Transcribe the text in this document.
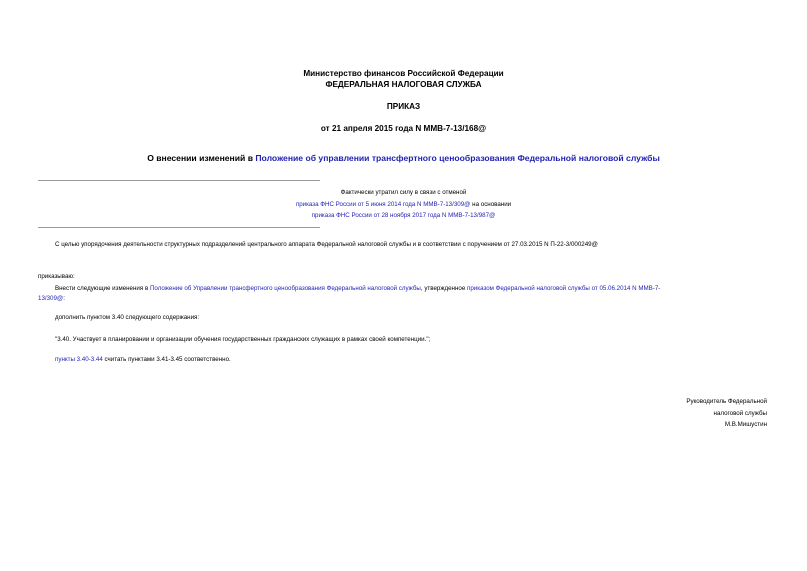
Министерство финансов Российской Федерации
ФЕДЕРАЛЬНАЯ НАЛОГОВАЯ СЛУЖБА
ПРИКАЗ
от 21 апреля 2015 года N ММВ-7-13/168@
О внесении изменений в Положение об управлении трансфертного ценообразования Федеральной налоговой службы
Фактически утратил силу в связи с отменой
приказа ФНС России от 5 июня 2014 года N ММВ-7-13/309@ на основании
приказа ФНС России от 28 ноября 2017 года N ММВ-7-13/987@
С целью упорядочения деятельности структурных подразделений центрального аппарата Федеральной налоговой службы и в соответствии с поручением от 27.03.2015 N П-22-3/000249@
приказываю:
Внести следующие изменения в Положение об Управлении трансфертного ценообразования Федеральной налоговой службы, утвержденное приказом Федеральной налоговой службы от 05.06.2014 N ММВ-7-
13/309@:
дополнить пунктом 3.40 следующего содержания:
"3.40. Участвует в планировании и организации обучения государственных гражданских служащих в рамках своей компетенции.";
пункты 3.40-3.44 считать пунктами 3.41-3.45 соответственно.
Руководитель Федеральной
налоговой службы
М.В.Мишустин
